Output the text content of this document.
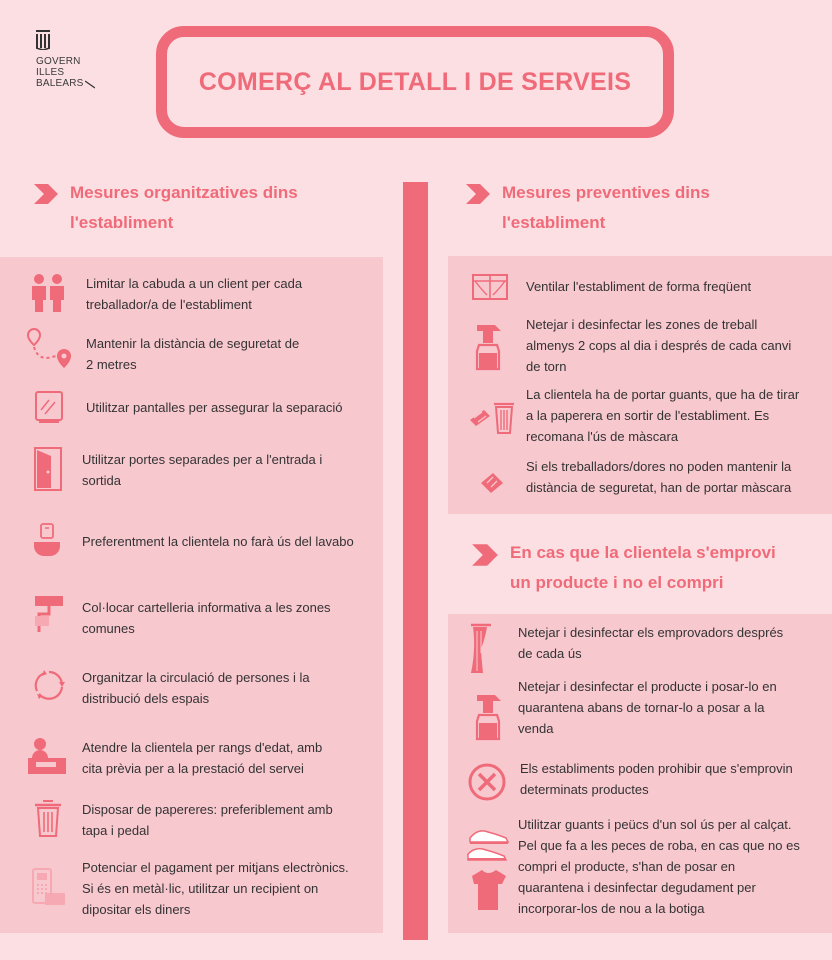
GOVERN
ILLES
BALEARS	COMERÇ AL DETALL I DE SERVEIS
Mesures organitzatives dins
l'establiment
Mesures preventives dins
l'establiment
En cas que la clientela s'emprovi
un producte i no el compri
Limitar la cabuda a un client per cada
treballador/a de l'establiment
Mantenir la distància de seguretat de
2 metres
Utilitzar pantalles per assegurar la separació
Utilitzar portes separades per a l'entrada i
sortida
Preferentment la clientela no farà ús del lavabo
Col·locar cartelleria informativa a les zones
comunes
Organitzar la circulació de persones i la
distribució dels espais
Atendre la clientela per rangs d'edat, amb
cita prèvia per a la prestació del servei
Disposar de papereres: preferiblement amb
tapa i pedal
Potenciar el pagament per mitjans electrònics.
Si és en metàl·lic, utilitzar un recipient on
dipositar els diners
Ventilar l'establiment de forma freqüent
Netejar i desinfectar les zones de treball
almenys 2 cops al dia i després de cada canvi
de torn
La clientela ha de portar guants, que ha de tirar
a la paperera en sortir de l'establiment. Es
recomana l'ús de màscara
Si els treballadors/dores no poden mantenir la
distància de seguretat, han de portar màscara
Netejar i desinfectar els emprovadors després
de cada ús
Netejar i desinfectar el producte i posar-lo en
quarantena abans de tornar-lo a posar a la
venda
Els establiments poden prohibir que s'emprovin
determinats productes
Utilitzar guants i peücs d'un sol ús per al calçat.
Pel que fa a les peces de roba, en cas que no es
compri el producte, s'han de posar en
quarantena i desinfectar degudament per
incorporar-los de nou a la botiga
